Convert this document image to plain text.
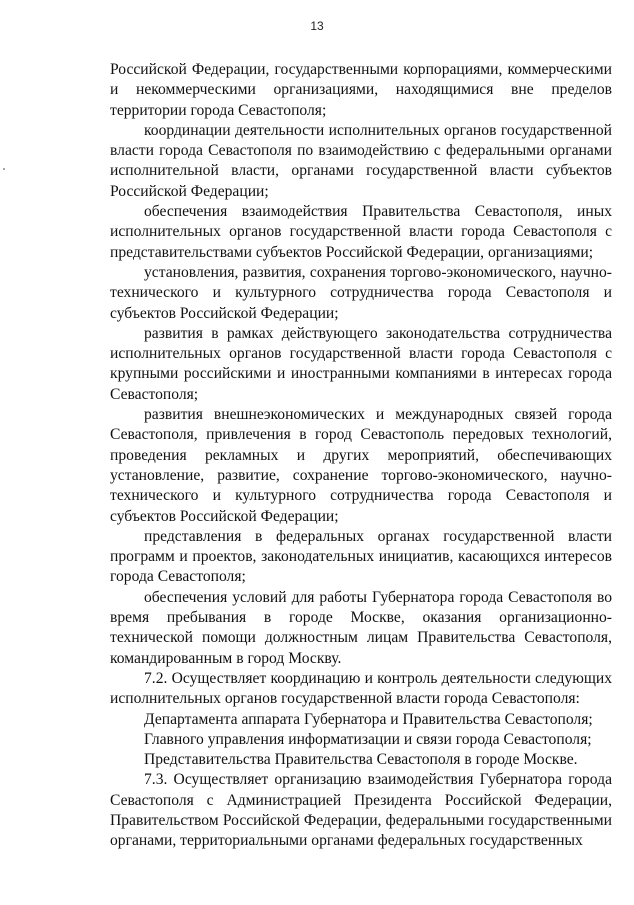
13

Российской Федерации, государственными корпорациями, коммерческими и некоммерческими организациями, находящимися вне пределов территории города Севастополя;

координации деятельности исполнительных органов государственной власти города Севастополя по взаимодействию с федеральными органами исполнительной власти, органами государственной власти субъектов Российской Федерации;

обеспечения взаимодействия Правительства Севастополя, иных исполнительных органов государственной власти города Севастополя с представительствами субъектов Российской Федерации, организациями;

установления, развития, сохранения торгово-экономического, научно-технического и культурного сотрудничества города Севастополя и субъектов Российской Федерации;

развития в рамках действующего законодательства сотрудничества исполнительных органов государственной власти города Севастополя с крупными российскими и иностранными компаниями в интересах города Севастополя;

развития внешнеэкономических и международных связей города Севастополя, привлечения в город Севастополь передовых технологий, проведения рекламных и других мероприятий, обеспечивающих установление, развитие, сохранение торгово-экономического, научно-технического и культурного сотрудничества города Севастополя и субъектов Российской Федерации;

представления в федеральных органах государственной власти программ и проектов, законодательных инициатив, касающихся интересов города Севастополя;

обеспечения условий для работы Губернатора города Севастополя во время пребывания в городе Москве, оказания организационно-технической помощи должностным лицам Правительства Севастополя, командированным в город Москву.

7.2. Осуществляет координацию и контроль деятельности следующих исполнительных органов государственной власти города Севастополя:

Департамента аппарата Губернатора и Правительства Севастополя;

Главного управления информатизации и связи города Севастополя;

Представительства Правительства Севастополя в городе Москве.

7.3. Осуществляет организацию взаимодействия Губернатора города Севастополя с Администрацией Президента Российской Федерации, Правительством Российской Федерации, федеральными государственными органами, территориальными органами федеральных государственных
